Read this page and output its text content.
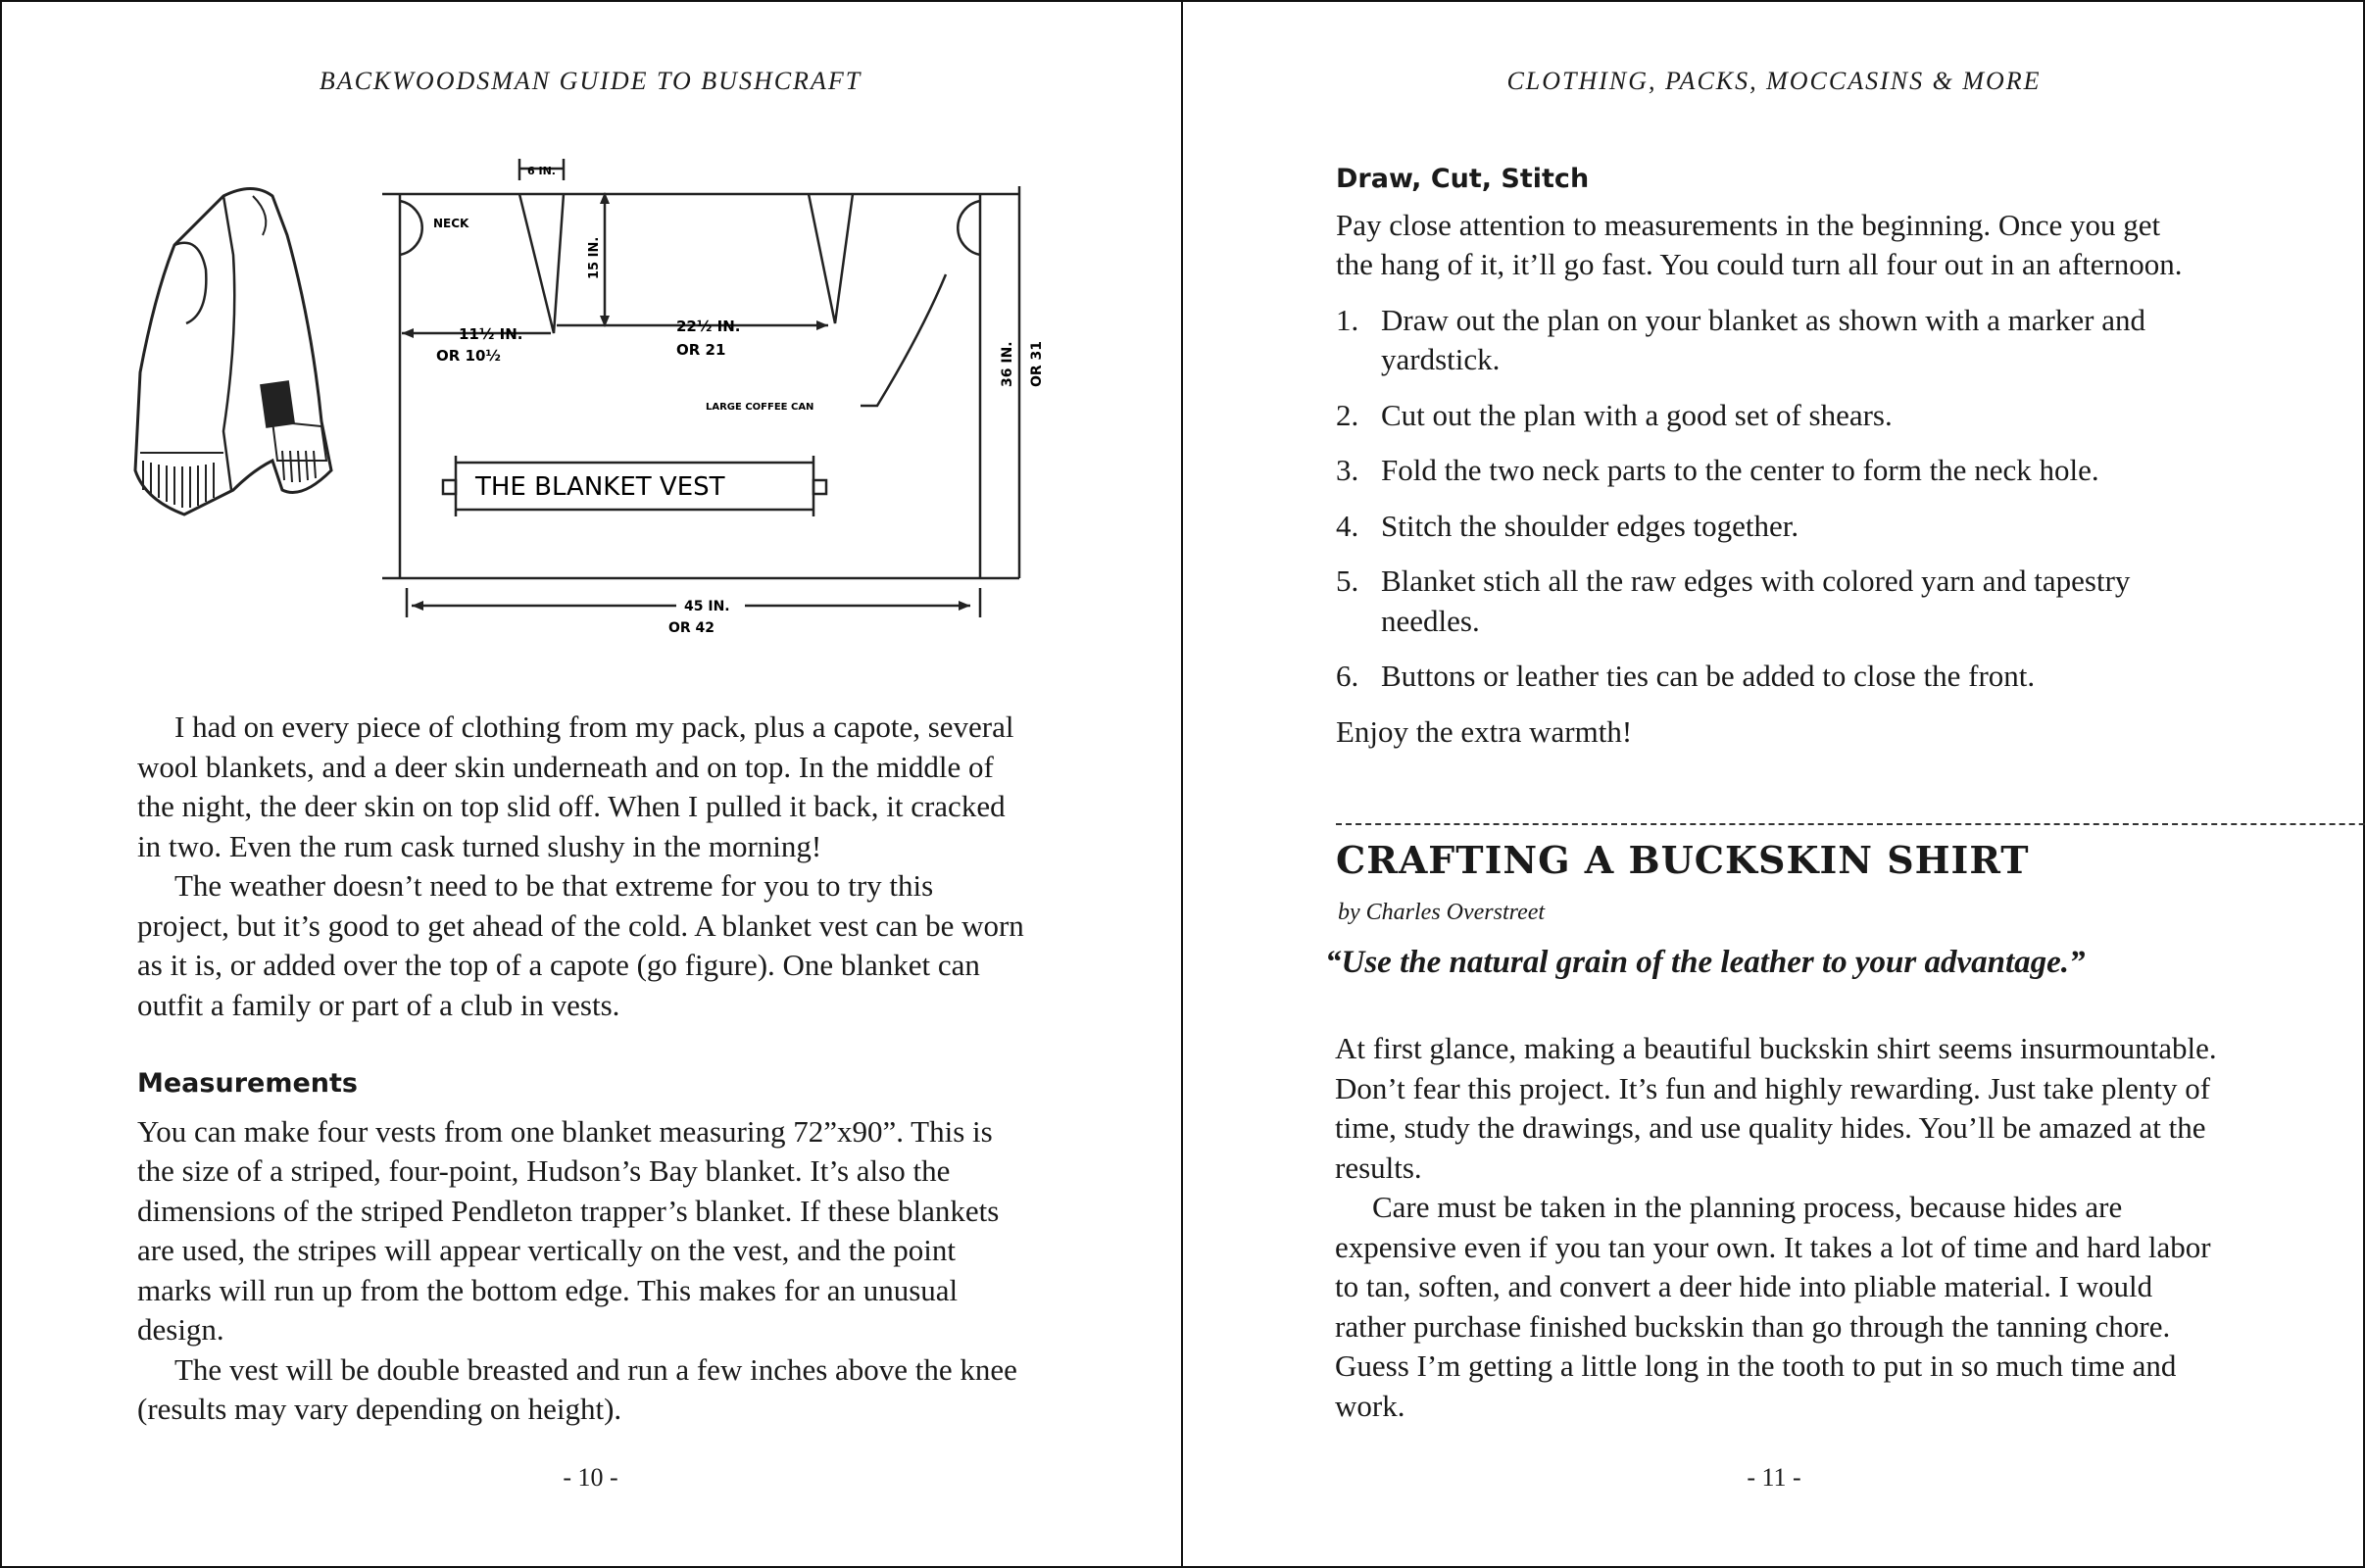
BACKWOODSMAN GUIDE TO BUSHCRAFT
6 IN.
NECK
15 IN.
11½ IN.
OR 10½
22½ IN.
OR 21
LARGE COFFEE CAN
36 IN. OR 31
45 IN.
OR 42
THE BLANKET VEST

I had on every piece of clothing from my pack, plus a capote, several wool blankets, and a deer skin underneath and on top. In the middle of the night, the deer skin on top slid off. When I pulled it back, it cracked in two. Even the rum cask turned slushy in the morning!

The weather doesn’t need to be that extreme for you to try this project, but it’s good to get ahead of the cold. A blanket vest can be worn as it is, or added over the top of a capote (go figure). One blanket can outfit a family or part of a club in vests.

Measurements

You can make four vests from one blanket measuring 72”x90”. This is the size of a striped, four-point, Hudson’s Bay blanket. It’s also the dimensions of the striped Pendleton trapper’s blanket. If these blankets are used, the stripes will appear vertically on the vest, and the point marks will run up from the bottom edge. This makes for an unusual design.

The vest will be double breasted and run a few inches above the knee (results may vary depending on height).

- 10 -
CLOTHING, PACKS, MOCCASINS & MORE
Draw, Cut, Stitch

Pay close attention to measurements in the beginning. Once you get the hang of it, it’ll go fast. You could turn all four out in an afternoon.

1. Draw out the plan on your blanket as shown with a marker and yardstick.
2. Cut out the plan with a good set of shears.
3. Fold the two neck parts to the center to form the neck hole.
4. Stitch the shoulder edges together.
5. Blanket stich all the raw edges with colored yarn and tapestry needles.
6. Buttons or leather ties can be added to close the front.

Enjoy the extra warmth!

CRAFTING A BUCKSKIN SHIRT
by Charles Overstreet
“Use the natural grain of the leather to your advantage.”

At first glance, making a beautiful buckskin shirt seems insurmountable. Don’t fear this project. It’s fun and highly rewarding. Just take plenty of time, study the drawings, and use quality hides. You’ll be amazed at the results.

Care must be taken in the planning process, because hides are expensive even if you tan your own. It takes a lot of time and hard labor to tan, soften, and convert a deer hide into pliable material. I would rather purchase finished buckskin than go through the tanning chore. Guess I’m getting a little long in the tooth to put in so much time and work.

- 11 -
